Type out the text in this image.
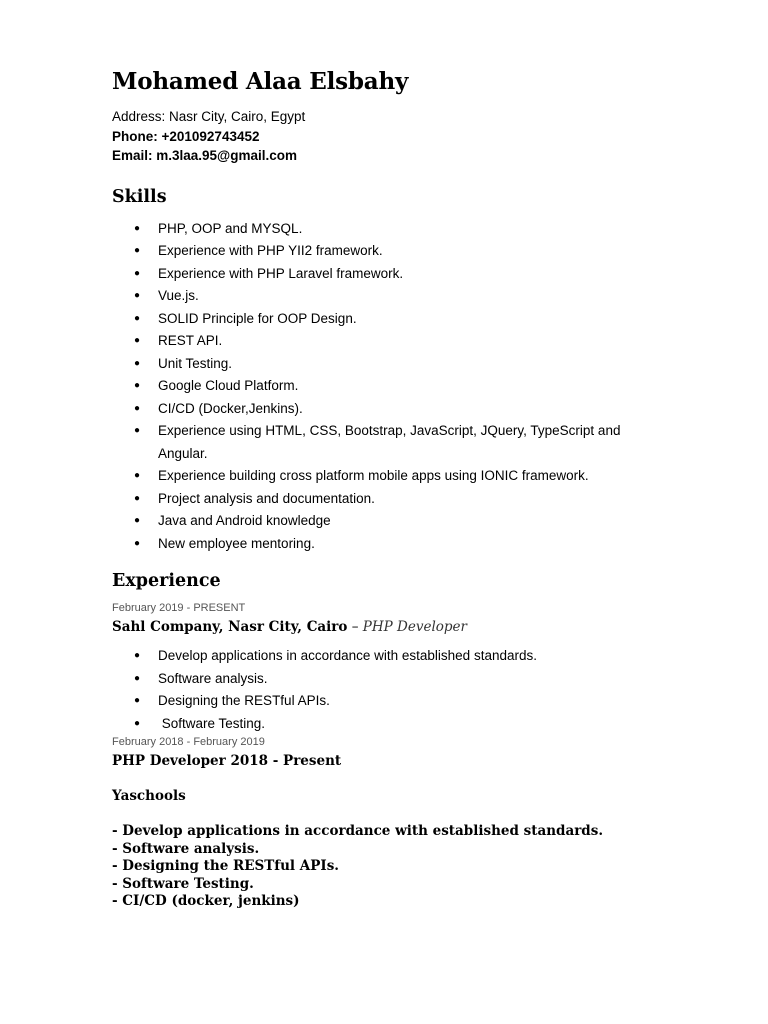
Mohamed Alaa Elsbahy
Address: Nasr City, Cairo, Egypt
Phone: +201092743452
Email: m.3laa.95@gmail.com
Skills
● PHP, OOP and MYSQL.
● Experience with PHP YII2 framework.
● Experience with PHP Laravel framework.
● Vue.js.
● SOLID Principle for OOP Design.
● REST API.
● Unit Testing.
● Google Cloud Platform.
● CI/CD (Docker,Jenkins).
● Experience using HTML, CSS, Bootstrap, JavaScript, JQuery, TypeScript and
Angular.
● Experience building cross platform mobile apps using IONIC framework.
● Project analysis and documentation.
● Java and Android knowledge
● New employee mentoring.
Experience
February 2019 - PRESENT
Sahl Company, Nasr City, Cairo – PHP Developer
● Develop applications in accordance with established standards.
● Software analysis.
● Designing the RESTful APIs.
● Software Testing.
February 2018 - February 2019
PHP Developer 2018 - Present
Yaschools
- Develop applications in accordance with established standards.
- Software analysis.
- Designing the RESTful APIs.
- Software Testing.
- CI/CD (docker, jenkins)
